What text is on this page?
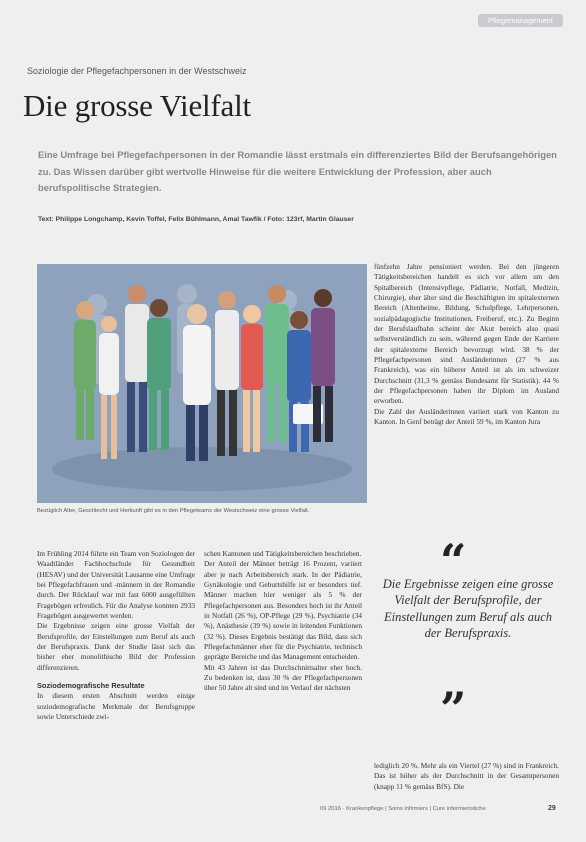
Pflegemanagement
Soziologie der Pflegefachpersonen in der Westschweiz
Die grosse Vielfalt
Eine Umfrage bei Pflegefachpersonen in der Romandie lässt erstmals ein differenziertes Bild der Berufsangehörigen zu. Das Wissen darüber gibt wertvolle Hinweise für die weitere Entwicklung der Profession, aber auch berufspolitische Strategien.
Text: Philippe Longchamp, Kevin Toffel, Felix Bühlmann, Amal Tawfik / Foto: 123rf, Martin Glauser
Bezüglich Alter, Geschlecht und Herkunft gibt es in den Pflegeteams der Westschweiz eine grosse Vielfalt.

fünfzehn Jahre pensioniert werden. Bei den jüngeren Tätigkeitsbereichen handelt es sich vor allem um den Spitalbereich (Intensivpflege, Pädiatrie, Notfall, Medizin, Chirurgie), eher älter sind die Beschäftigten im spitalexternen Bereich (Altenheime, Bildung, Schulpflege, Lehrpersonen, sozialpädagogische Institutionen, Freiberuf, etc.). Zu Beginn der Berufslaufbahn scheint der Akut bereich also quasi selbstverständlich zu sein, während gegen Ende der Karriere der spitalexterne Bereich bevorzugt wird. 38 % der Pflegefachpersonen sind Ausländerinnen (27 % aus Frankreich), was ein höherer Anteil ist als im schweizer Durchschnitt (31,3 % gemäss Bundesamt für Statistik). 44 % der Pflegefachpersonen haben ihr Diplom im Ausland erworben.

Die Zahl der Ausländerinnen variiert stark von Kanton zu Kanton. In Genf beträgt der Anteil 59 %, im Kanton Jura

Im Frühling 2014 führte ein Team von Soziologen der Waadtländer Fachhochschule für Gesundheit (HESAV) und der Universität Lausanne eine Umfrage bei Pflegefachfrauen und -männern in der Romandie durch. Der Rücklauf war mit fast 6000 ausgefüllten Fragebögen erfreulich. Für die Analyse konnten 2933 Fragebögen ausgewertet werden.

Die Ergebnisse zeigen eine grosse Vielfalt der Berufsprofile, der Einstellungen zum Beruf als auch der Berufspraxis. Dank der Studie lässt sich das bisher eher monolithische Bild der Profession differenzieren.

Soziodemografische Resultate

In diesem ersten Abschnitt werden einige soziodemografische Merkmale der Berufsgruppe sowie Unterschiede zwi-

schen Kantonen und Tätigkeitsbereichen beschrieben.

Der Anteil der Männer beträgt 16 Prozent, variiert aber je nach Arbeitsbereich stark. In der Pädiatrie, Gynäkologie und Geburtshilfe ist er besonders tief. Männer machen hier weniger als 5 % der Pflegefachpersonen aus. Besonders hoch ist ihr Anteil in Notfall (26 %), OP-Pflege (29 %), Psychiatrie (34 %), Anästhesie (39 %) sowie in leitenden Funktionen (32 %). Dieses Ergebnis bestätigt das Bild, dass sich Pflegefachmänner eher für die Psychiatrie, technisch geprägte Bereiche und das Management entscheiden.

Mit 43 Jahren ist das Durchschnittsalter eher hoch. Zu bedenken ist, dass 30 % der Pflegefachpersonen über 50 Jahre alt sind und im Verlauf der nächsten

“
Die Ergebnisse zeigen eine grosse Vielfalt der Berufsprofile, der Einstellungen zum Beruf als auch der Berufspraxis.
”

lediglich 20 %. Mehr als ein Viertel (27 %) sind in Frankreich. Das ist höher als der Durchschnitt in der Gesamtpersonen (knapp 11 % gemäss BfS). Die

09 2016 · Krankenpflege | Soins infirmiers | Cure infermieristiche	29
